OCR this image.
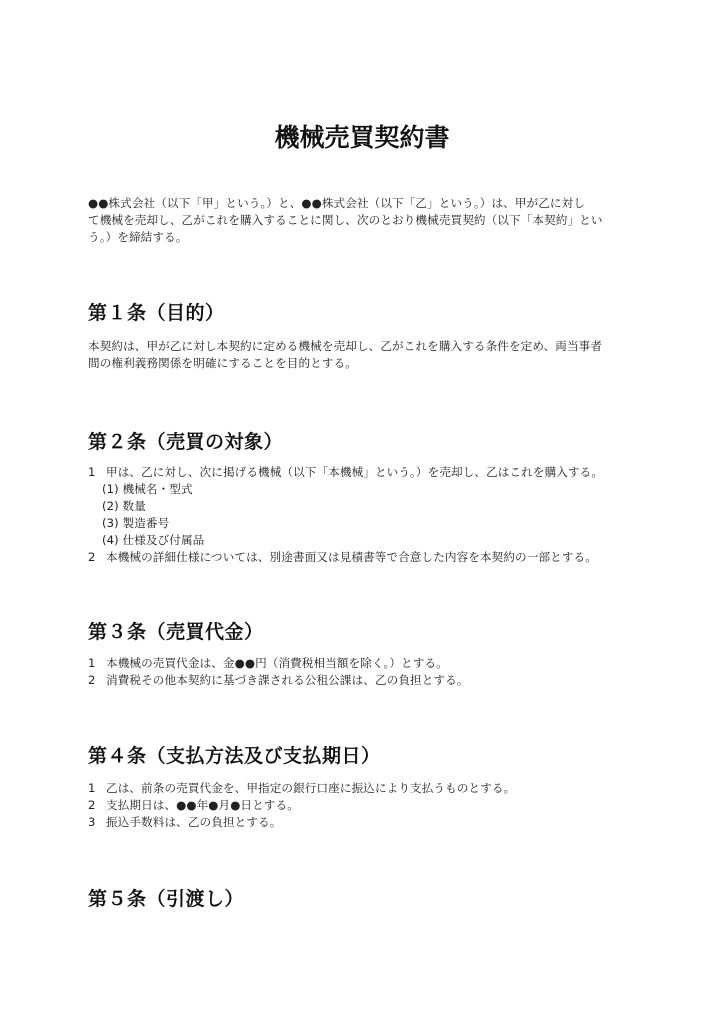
機械売買契約書
●●株式会社（以下「甲」という。）と、●●株式会社（以下「乙」という。）は、甲が乙に対し
て機械を売却し、乙がこれを購入することに関し、次のとおり機械売買契約（以下「本契約」とい
う。）を締結する。
第１条（目的）
本契約は、甲が乙に対し本契約に定める機械を売却し、乙がこれを購入する条件を定め、両当事者
間の権利義務関係を明確にすることを目的とする。
第２条（売買の対象）
1 甲は、乙に対し、次に掲げる機械（以下「本機械」という。）を売却し、乙はこれを購入する。
(1) 機械名・型式
(2) 数量
(3) 製造番号
(4) 仕様及び付属品
2 本機械の詳細仕様については、別途書面又は見積書等で合意した内容を本契約の一部とする。
第３条（売買代金）
1 本機械の売買代金は、金●●円（消費税相当額を除く。）とする。
2 消費税その他本契約に基づき課される公租公課は、乙の負担とする。
第４条（支払方法及び支払期日）
1 乙は、前条の売買代金を、甲指定の銀行口座に振込により支払うものとする。
2 支払期日は、●●年●月●日とする。
3 振込手数料は、乙の負担とする。
第５条（引渡し）
